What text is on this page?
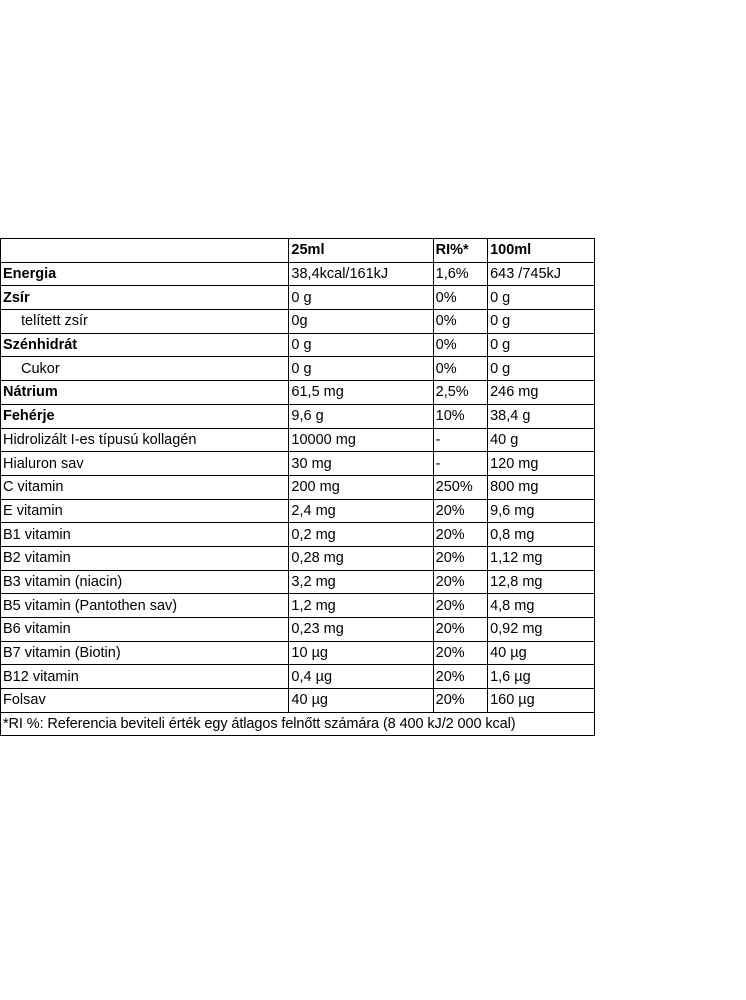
	25ml	RI%*	100ml
Energia	38,4kcal/161kJ	1,6%	643 /745kJ
Zsír	0 g	0%	0 g
telített zsír	0g	0%	0 g
Szénhidrát	0 g	0%	0 g
Cukor	0 g	0%	0 g
Nátrium	61,5 mg	2,5%	246 mg
Fehérje	9,6 g	10%	38,4 g
Hidrolizált I-es típusú kollagén	10000 mg	-	40 g
Hialuron sav	30 mg	-	120 mg
C vitamin	200 mg	250%	800 mg
E vitamin	2,4 mg	20%	9,6 mg
B1 vitamin	0,2 mg	20%	0,8 mg
B2 vitamin	0,28 mg	20%	1,12 mg
B3 vitamin (niacin)	3,2 mg	20%	12,8 mg
B5 vitamin (Pantothen sav)	1,2 mg	20%	4,8 mg
B6 vitamin	0,23 mg	20%	0,92 mg
B7 vitamin (Biotin)	10 µg	20%	40 µg
B12 vitamin	0,4 µg	20%	1,6 µg
Folsav	40 µg	20%	160 µg
*RI %: Referencia beviteli érték egy átlagos felnőtt számára (8 400 kJ/2 000 kcal)			
